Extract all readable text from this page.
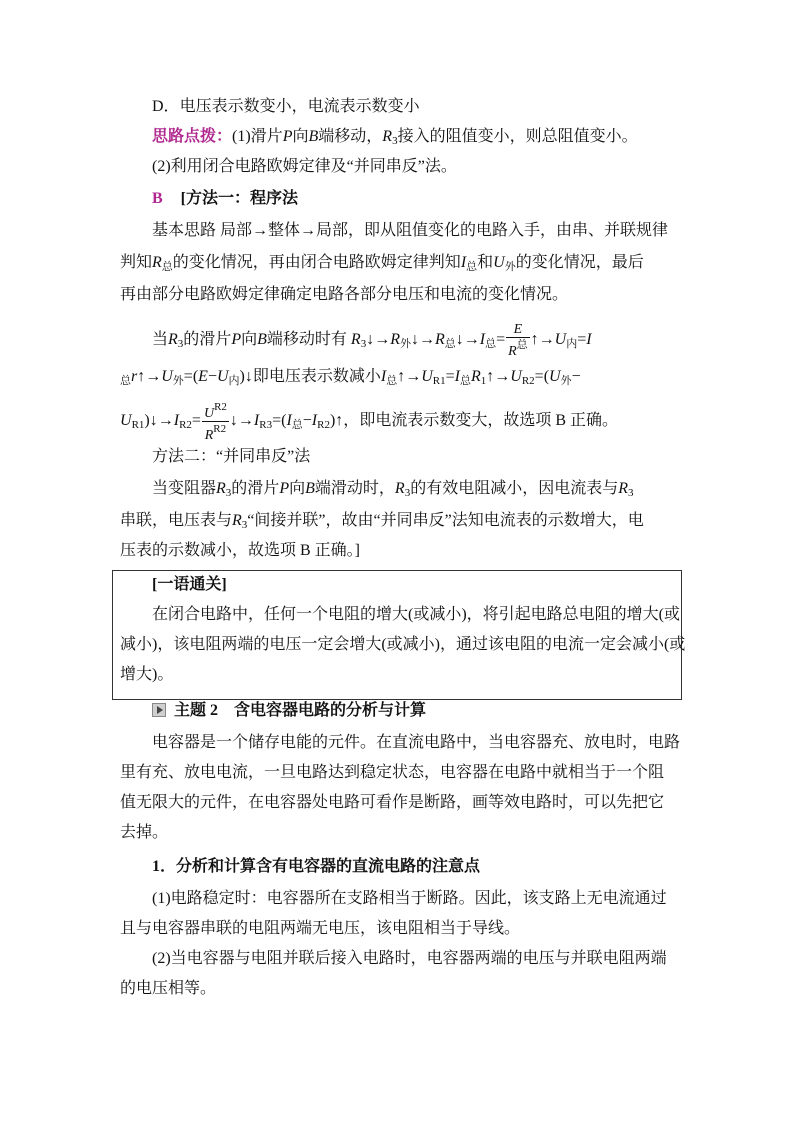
D．电压表示数变小，电流表示数变小
思路点拨：(1)滑片P向B端移动，R3接入的阻值变小，则总阻值变小。
(2)利用闭合电路欧姆定律及“并同串反”法。
B [方法一：程序法
基本思路 局部→整体→局部，即从阻值变化的电路入手，由串、并联规律
判知R总的变化情况，再由闭合电路欧姆定律判知I总和U外的变化情况，最后
再由部分电路欧姆定律确定电路各部分电压和电流的变化情况。
当R3的滑片P向B端移动时有 R3↓→R外↓→R总↓→I总= $\frac{E}{R^总}$ ↑→U内=I
总r↑→U外=(E−U内)↓即电压表示数减小I总↑→UR1=I总R1↑→UR2=(U外−
UR1)↓→IR2= $\frac{U^{R2}}{R^{R2}}$ ↓→IR3=(I总−IR2)↑，即电流表示数变大，故选项 B 正确。
方法二：“并同串反”法
当变阻器R3的滑片P向B端滑动时，R3的有效电阻减小，因电流表与R3
串联，电压表与R3“间接并联”，故由“并同串反”法知电流表的示数增大，电
压表的示数减小，故选项 B 正确。]
[一语通关]
在闭合电路中，任何一个电阻的增大(或减小)，将引起电路总电阻的增大(或
减小)，该电阻两端的电压一定会增大(或减小)，通过该电阻的电流一定会减小(或
增大)。
主题 2 含电容器电路的分析与计算
电容器是一个储存电能的元件。在直流电路中，当电容器充、放电时，电路
里有充、放电电流，一旦电路达到稳定状态，电容器在电路中就相当于一个阻
值无限大的元件，在电容器处电路可看作是断路，画等效电路时，可以先把它
去掉。
1．分析和计算含有电容器的直流电路的注意点
(1)电路稳定时：电容器所在支路相当于断路。因此，该支路上无电流通过
且与电容器串联的电阻两端无电压，该电阻相当于导线。
(2)当电容器与电阻并联后接入电路时，电容器两端的电压与并联电阻两端
的电压相等。
